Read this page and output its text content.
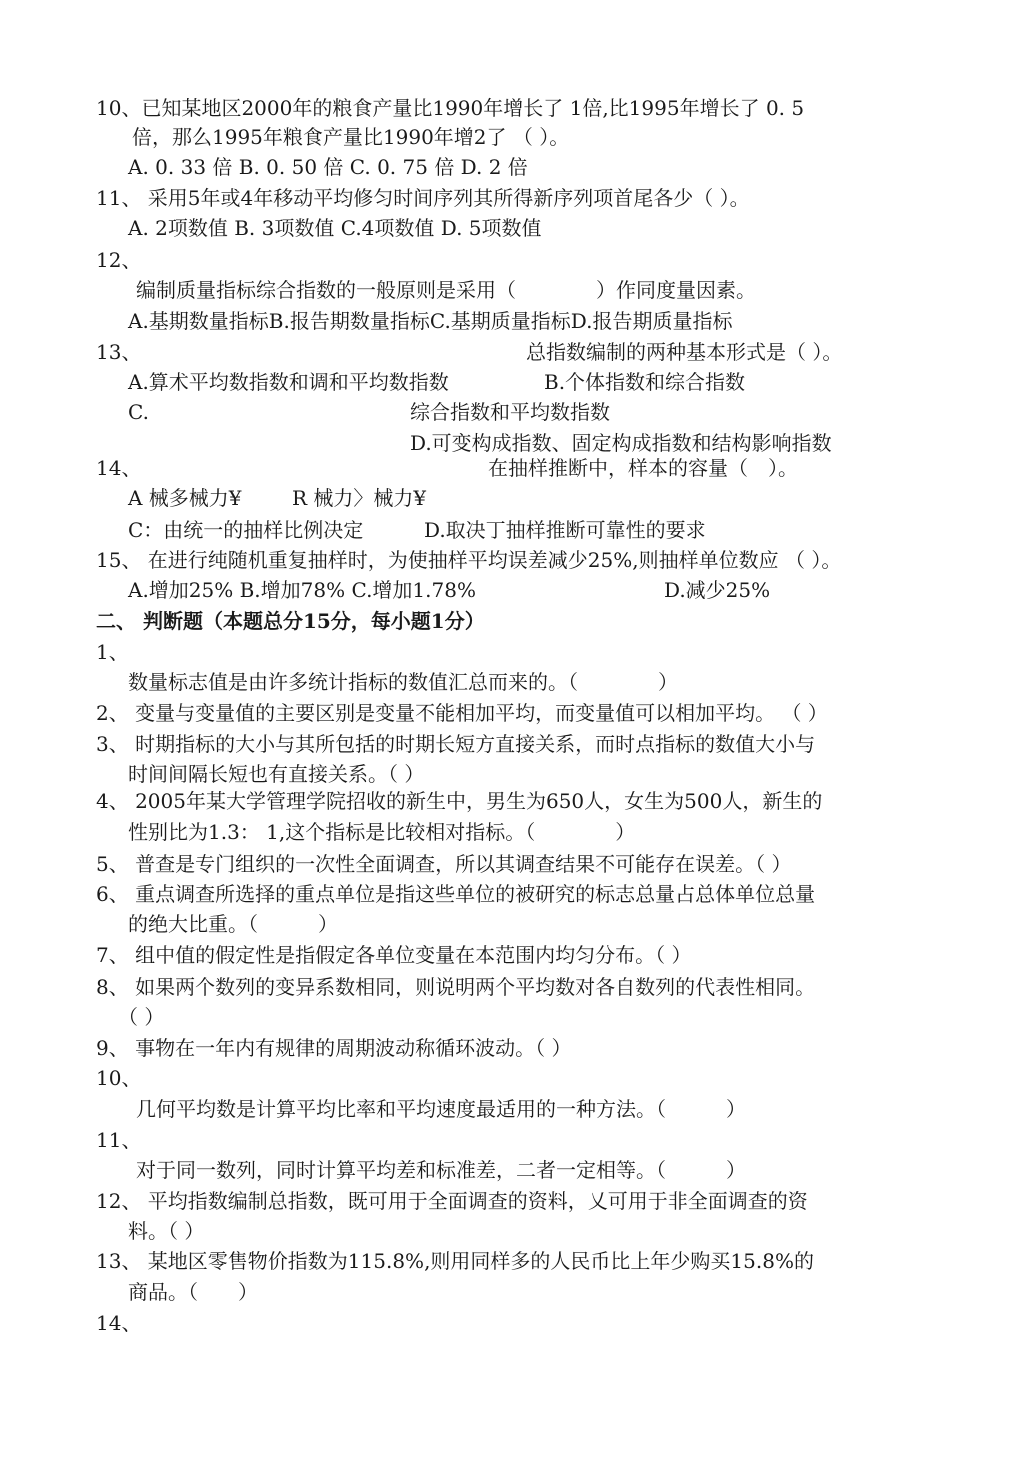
10、已知某地区2000年的粮食产量比1990年增长了 1倍,比1995年增长了 0. 5
倍，那么1995年粮食产量比1990年增2了 （ ）。
A. 0. 33 倍 B. 0. 50 倍 C. 0. 75 倍 D. 2 倍
11、 采用5年或4年移动平均修匀时间序列其所得新序列项首尾各少（ ）。
A. 2项数值 B. 3项数值 C.4项数值 D. 5项数值
12、
编制质量指标综合指数的一般原则是采用（　　　　）作同度量因素。
A.基期数量指标B.报告期数量指标C.基期质量指标D.报告期质量指标
13、	总指数编制的两种基本形式是（ ）。
A.算术平均数指数和调和平均数指数	B.个体指数和综合指数
C.	综合指数和平均数指数
D.可变构成指数、固定构成指数和结构影响指数
14、	在抽样推断中，样本的容量（　）。
A 械多械力¥	R 械力〉械力¥
C：由统一的抽样比例决定	D.取决丁抽样推断可靠性的要求
15、 在进行纯随机重复抽样时，为使抽样平均误差减少25%,则抽样单位数应 （ ）。
A.增加25% B.增加78% C.增加1.78%	D.减少25%
二、 判断题（本题总分15分，每小题1分）
1、
数量标志值是由许多统计指标的数值汇总而来的。（　　　　）
2、 变量与变量值的主要区别是变量不能相加平均，而变量值可以相加平均。 （ ）
3、 时期指标的大小与其所包括的时期长短方直接关系，而时点指标的数值大小与
时间间隔长短也有直接关系。（ ）
4、 2005年某大学管理学院招收的新生中，男生为650人，女生为500人，新生的
性别比为1.3： 1,这个指标是比较相对指标。（　　　　）
5、 普查是专门组织的一次性全面调查，所以其调查结果不可能存在误差。（ ）
6、 重点调查所选择的重点单位是指这些单位的被研究的标志总量占总体单位总量
的绝大比重。（　　　）
7、 组中值的假定性是指假定各单位变量在本范围内均匀分布。（ ）
8、 如果两个数列的变异系数相同，则说明两个平均数对各自数列的代表性相同。
（ ）
9、 事物在一年内有规律的周期波动称循环波动。（ ）
10、
几何平均数是计算平均比率和平均速度最适用的一种方法。（　　　）
11、
对于同一数列，同时计算平均差和标准差，二者一定相等。（　　　）
12、 平均指数编制总指数，既可用于全面调查的资料，乂可用于非全面调查的资
料。（ ）
13、 某地区零售物价指数为115.8%,则用同样多的人民币比上年少购买15.8%的
商品。（　　）
14、
